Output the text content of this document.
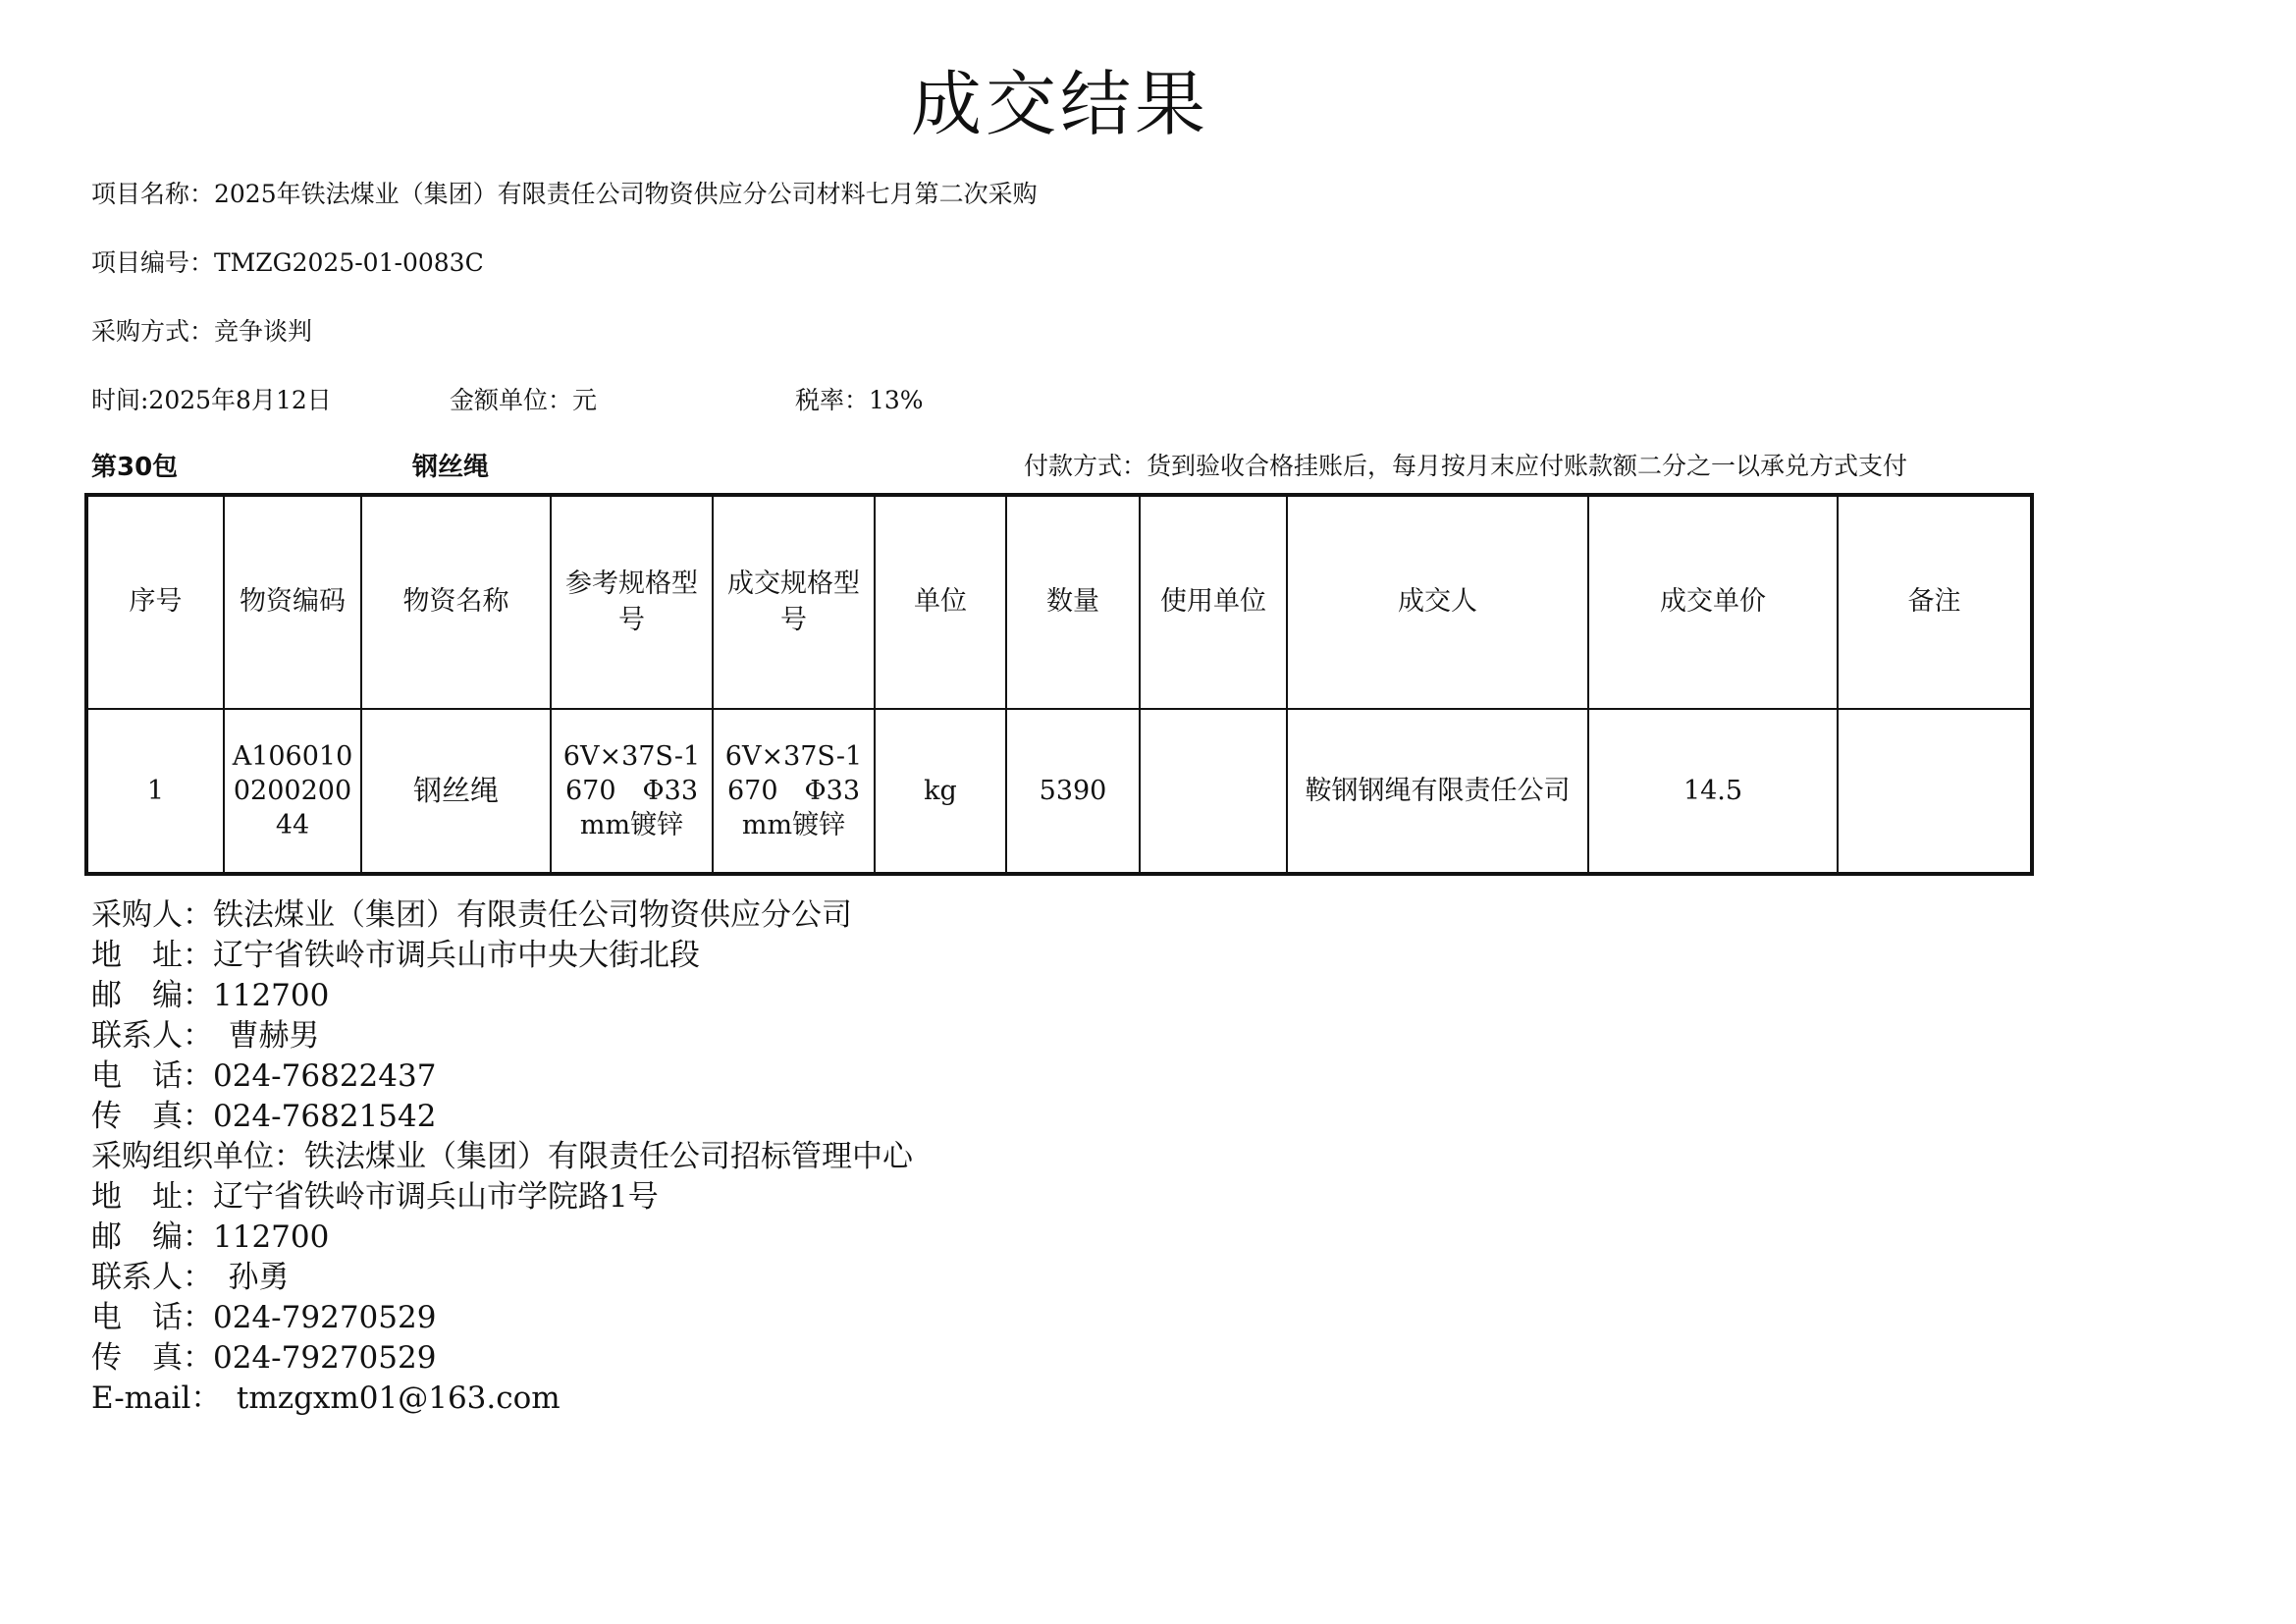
成交结果
项目名称：2025年铁法煤业（集团）有限责任公司物资供应分公司材料七月第二次采购
项目编号：TMZG2025-01-0083C
采购方式：竞争谈判
时间:2025年8月12日	金额单位：元	税率：13%
第30包	钢丝绳	付款方式：货到验收合格挂账后，每月按月末应付账款额二分之一以承兑方式支付
序号	物资编码	物资名称	参考规格型号	成交规格型号	单位	数量	使用单位	成交人	成交单价	备注
1	A106010020020044	钢丝绳	6V×37S-1670　Φ33mm镀锌	6V×37S-1670　Φ33mm镀锌	kg	5390		鞍钢钢绳有限责任公司	14.5	
采购人：铁法煤业（集团）有限责任公司物资供应分公司
地　址：辽宁省铁岭市调兵山市中央大街北段
邮　编：112700
联系人：　曹赫男
电　话：024-76822437
传　真：024-76821542
采购组织单位：铁法煤业（集团）有限责任公司招标管理中心
地　址：辽宁省铁岭市调兵山市学院路1号
邮　编：112700
联系人：　孙勇
电　话：024-79270529
传　真：024-79270529
E-mail：　tmzgxm01@163.com
